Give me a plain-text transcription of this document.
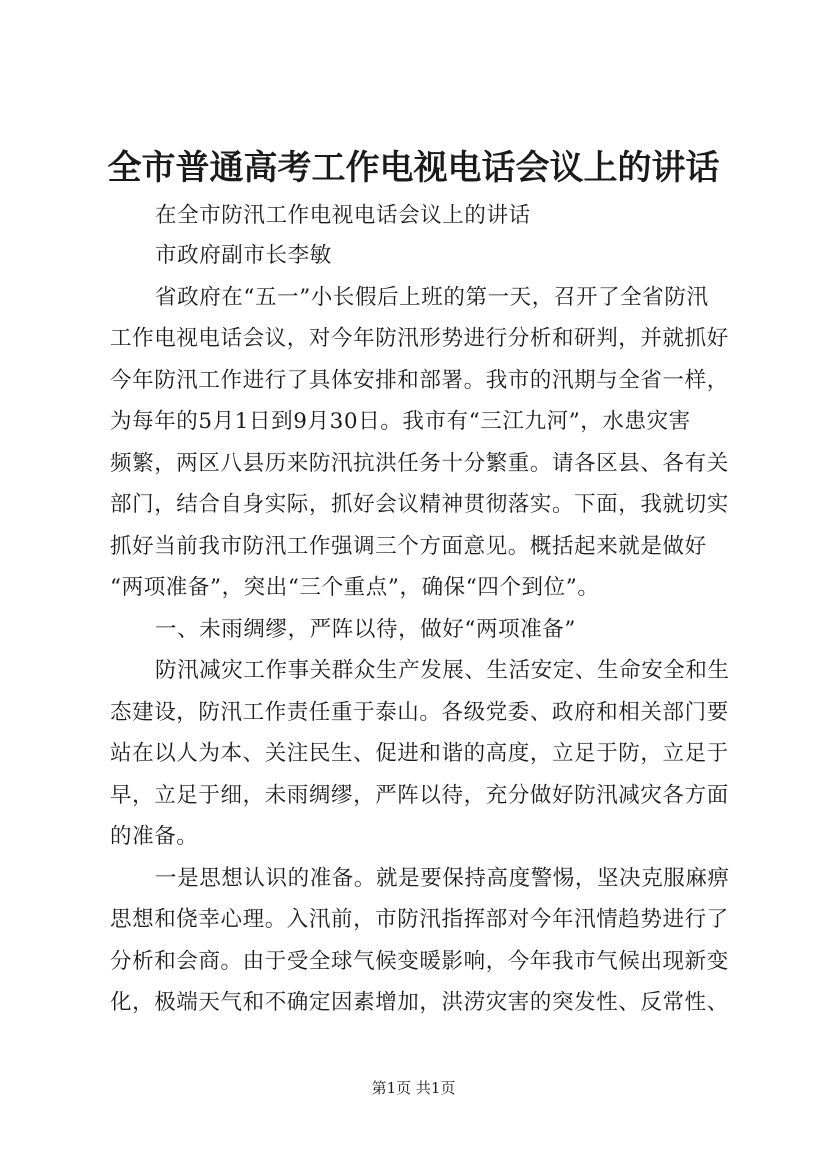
全市普通高考工作电视电话会议上的讲话
在全市防汛工作电视电话会议上的讲话
市政府副市长李敏
省政府在“五一”小长假后上班的第一天，召开了全省防汛
工作电视电话会议，对今年防汛形势进行分析和研判，并就抓好
今年防汛工作进行了具体安排和部署。我市的汛期与全省一样，
为每年的5月1日到9月30日。我市有“三江九河”，水患灾害
频繁，两区八县历来防汛抗洪任务十分繁重。请各区县、各有关
部门，结合自身实际，抓好会议精神贯彻落实。下面，我就切实
抓好当前我市防汛工作强调三个方面意见。概括起来就是做好
“两项准备”，突出“三个重点”，确保“四个到位”。
一、未雨绸缪，严阵以待，做好“两项准备”
防汛减灾工作事关群众生产发展、生活安定、生命安全和生
态建设，防汛工作责任重于泰山。各级党委、政府和相关部门要
站在以人为本、关注民生、促进和谐的高度，立足于防，立足于
早，立足于细，未雨绸缪，严阵以待，充分做好防汛减灾各方面
的准备。
一是思想认识的准备。就是要保持高度警惕，坚决克服麻痹
思想和侥幸心理。入汛前，市防汛指挥部对今年汛情趋势进行了
分析和会商。由于受全球气候变暖影响，今年我市气候出现新变
化，极端天气和不确定因素增加，洪涝灾害的突发性、反常性、
第1页 共1页
